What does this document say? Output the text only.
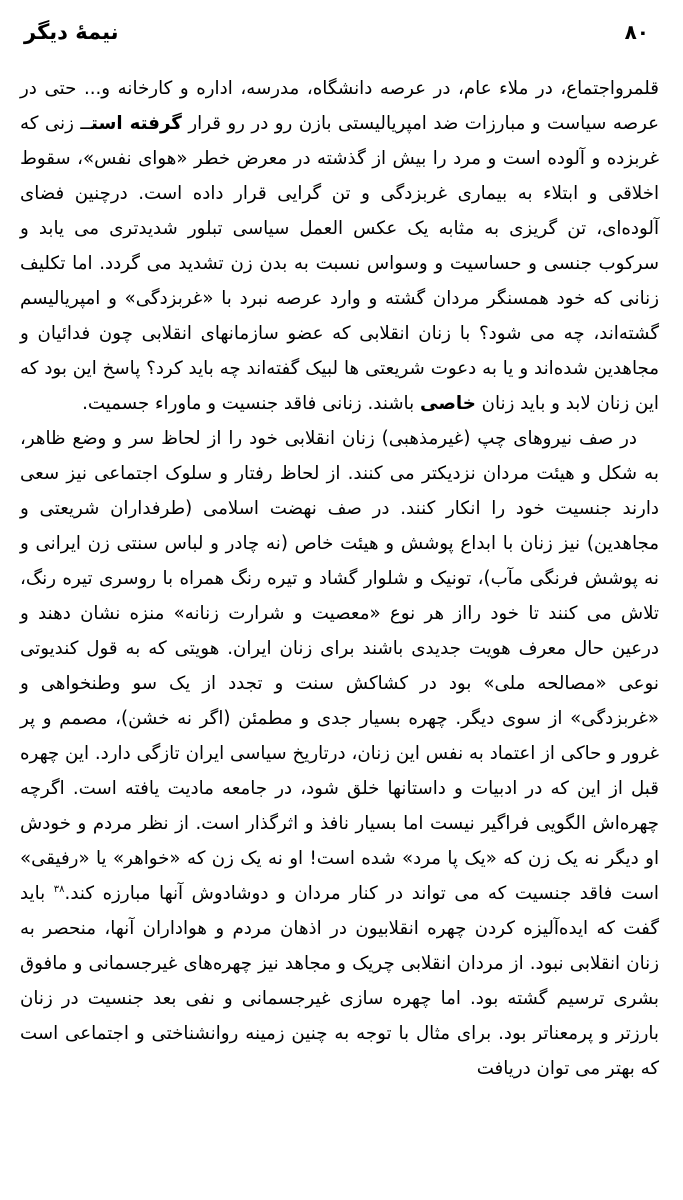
نیمهٔ دیگر	۸۰

قلمرواجتماع، در ملاء عام، در عرصه دانشگاه، مدرسه، اداره و کارخانه و... حتی در عرصه سیاست و مبارزات ضد امپریالیستی بازن رو در رو قرار گرفته استــ زنی که غربزده و آلوده است و مرد را بیش از گذشته در معرض خطر «هوای نفس»، سقوط اخلاقی و ابتلاء به بیماری غربزدگی و تن گرایی قرار داده است. درچنین فضای آلوده‌ای، تن گریزی به مثابه یک عکس العمل سیاسی تبلور شدیدتری می یابد و سرکوب جنسی و حساسیت و وسواس نسبت به بدن زن تشدید می گردد. اما تکلیف زنانی که خود همسنگر مردان گشته و وارد عرصه نبرد با «غربزدگی» و امپریالیسم گشته‌اند، چه می شود؟ با زنان انقلابی که عضو سازمانهای انقلابی چون فدائیان و مجاهدین شده‌اند و یا به دعوت شریعتی ها لبیک گفته‌اند چه باید کرد؟ پاسخ این بود که این زنان لابد و باید زنان خاصی باشند. زنانی فاقد جنسیت و ماوراء جسمیت.

در صف نیروهای چپ (غیرمذهبی) زنان انقلابی خود را از لحاظ سر و وضع ظاهر، به شکل و هیئت مردان نزدیکتر می کنند. از لحاظ رفتار و سلوک اجتماعی نیز سعی دارند جنسیت خود را انکار کنند. در صف نهضت اسلامی (طرفداران شریعتی و مجاهدین) نیز زنان با ابداع پوشش و هیئت خاص (نه چادر و لباس سنتی زن ایرانی و نه پوشش فرنگی مآب)، تونیک و شلوار گشاد و تیره رنگ همراه با روسری تیره رنگ، تلاش می کنند تا خود رااز هر نوع «معصیت و شرارت زنانه» منزه نشان دهند و درعین حال معرف هویت جدیدی باشند برای زنان ایران. هویتی که به قول کندیوتی نوعی «مصالحه ملی» بود در کشاکش سنت و تجدد از یک سو وطنخواهی و «غربزدگی» از سوی دیگر. چهره بسیار جدی و مطمئن (اگر نه خشن)، مصمم و پر غرور و حاکی از اعتماد به نفس این زنان، درتاریخ سیاسی ایران تازگی دارد. این چهره قبل از این که در ادبیات و داستانها خلق شود، در جامعه مادیت یافته است. اگرچه چهره‌اش الگویی فراگیر نیست اما بسیار نافذ و اثرگذار است. از نظر مردم و خودش او دیگر نه یک زن که «یک پا مرد» شده است! او نه یک زن که «خواهر» یا «رفیقی» است فاقد جنسیت که می تواند در کنار مردان و دوشادوش آنها مبارزه کند.$^{۳۸}$ باید گفت که ایده‌آلیزه کردن چهره انقلابیون در اذهان مردم و هواداران آنها، منحصر به زنان انقلابی نبود. از مردان انقلابی چریک و مجاهد نیز چهره‌های غیرجسمانی و مافوق بشری ترسیم گشته بود. اما چهره سازی غیرجسمانی و نفی بعد جنسیت در زنان بارزتر و پرمعناتر بود. برای مثال با توجه به چنین زمینه روانشناختی و اجتماعی است که بهتر می توان دریافت
